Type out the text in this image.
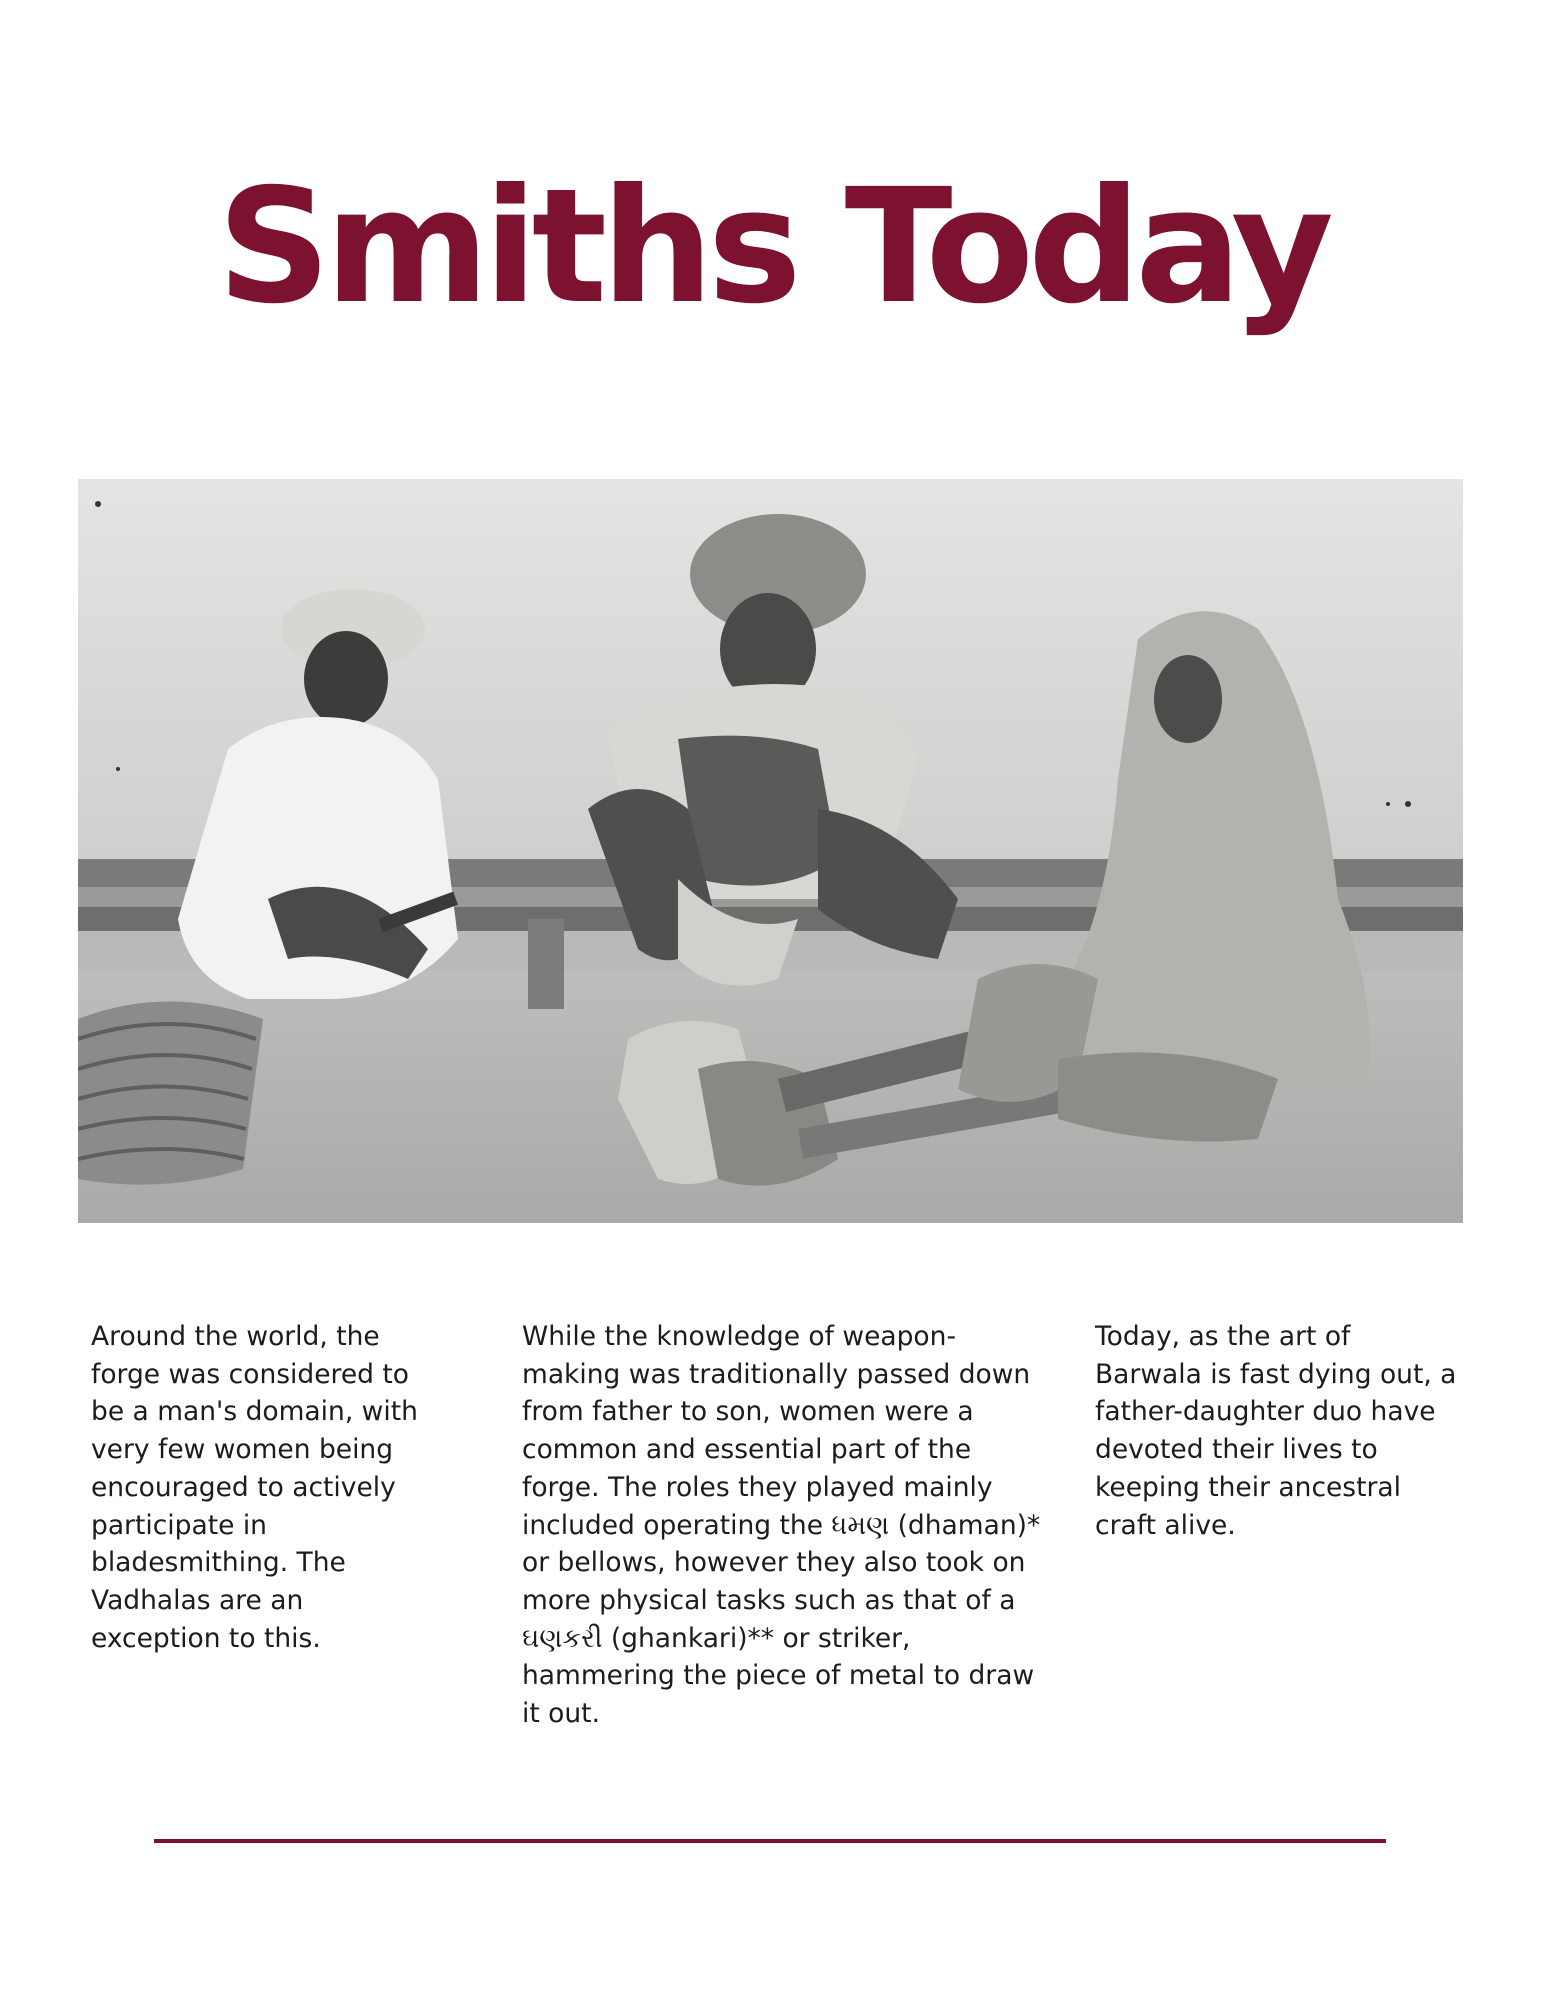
Smiths Today

Around the world, the forge was considered to be a man's domain, with very few women being encouraged to actively participate in bladesmithing. The Vadhalas are an exception to this.

While the knowledge of weapon-making was traditionally passed down from father to son, women were a common and essential part of the forge. The roles they played mainly included operating the ધમણ (dhaman)* or bellows, however they also took on more physical tasks such as that of a ઘણકરી (ghankari)** or striker, hammering the piece of metal to draw it out.

Today, as the art of Barwala is fast dying out, a father-daughter duo have devoted their lives to keeping their ancestral craft alive.
